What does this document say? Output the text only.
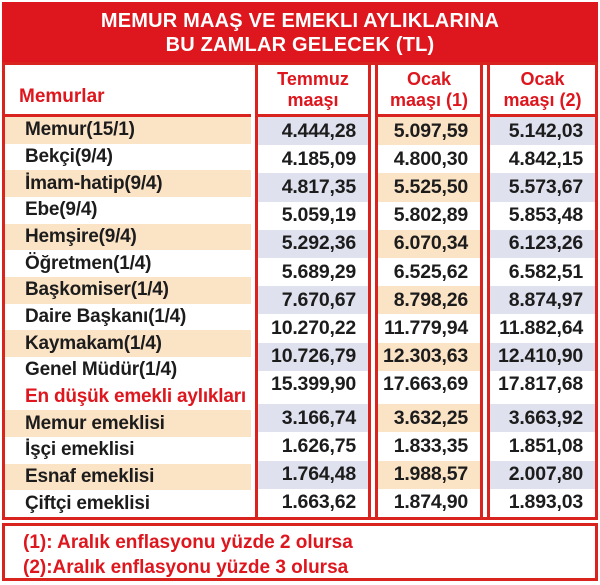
MEMUR MAAŞ VE EMEKLI AYLIKLARINA
BU ZAMLAR GELECEK (TL)
Memurlar
Memur(15/1)
Bekçi(9/4)
İmam-hatip(9/4)
Ebe(9/4)
Hemşire(9/4)
Öğretmen(1/4)
Başkomiser(1/4)
Daire Başkanı(1/4)
Kaymakam(1/4)
Genel Müdür(1/4)
En düşük emekli aylıkları
Memur emeklisi
İşçi emeklisi
Esnaf emeklisi
Çiftçi emeklisi
Temmuz maaşı
4.444,28
4.185,09
4.817,35
5.059,19
5.292,36
5.689,29
7.670,67
10.270,22
10.726,79
15.399,90
3.166,74
1.626,75
1.764,48
1.663,62
Ocak maaşı (1)
5.097,59
4.800,30
5.525,50
5.802,89
6.070,34
6.525,62
8.798,26
11.779,94
12.303,63
17.663,69
3.632,25
1.833,35
1.988,57
1.874,90
Ocak maaşı (2)
5.142,03
4.842,15
5.573,67
5.853,48
6.123,26
6.582,51
8.874,97
11.882,64
12.410,90
17.817,68
3.663,92
1.851,08
2.007,80
1.893,03
(1): Aralık enflasyonu yüzde 2 olursa
(2):Aralık enflasyonu yüzde 3 olursa
